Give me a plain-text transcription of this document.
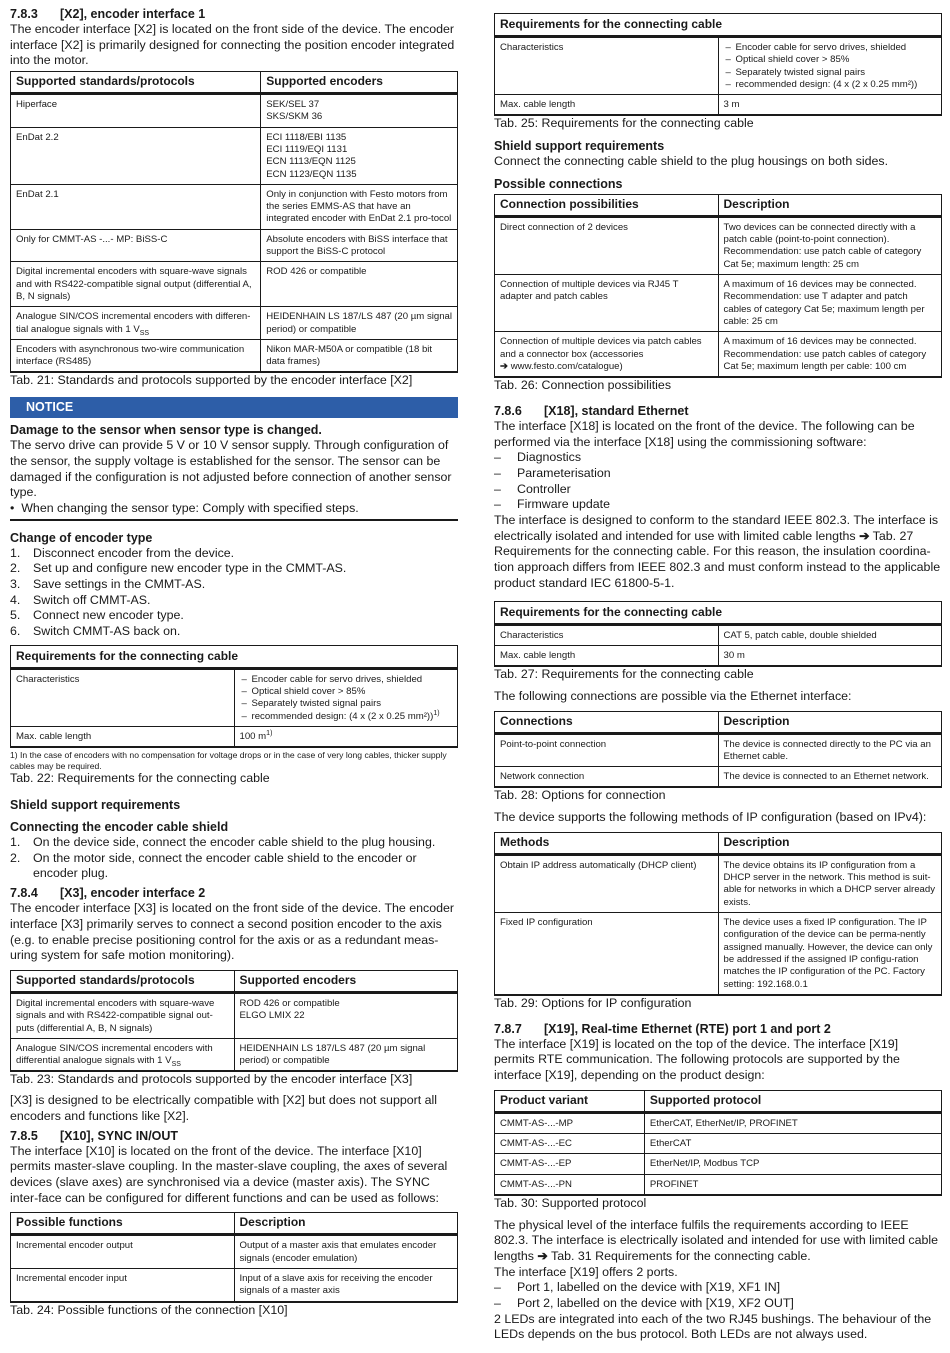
7.8.3 [X2], encoder interface 1

The encoder interface [X2] is located on the front side of the device. The encoder interface [X2] is primarily designed for connecting the position encoder integrated into the motor.

Supported standards/protocols	Supported encoders
Hiperface	SEK/SEL 37
SKS/SKM 36
EnDat 2.2	ECI 1118/EBI 1135
ECI 1119/EQI 1131
ECN 1113/EQN 1125
ECN 1123/EQN 1135
EnDat 2.1	Only in conjunction with Festo motors from the series EMMS-AS that have an integrated encoder with EnDat 2.1 pro-tocol
Only for CMMT-AS -...- MP: BiSS-C	Absolute encoders with BiSS interface that support the BiSS-C protocol
Digital incremental encoders with square-wave signals and with RS422-compatible signal output (differential A, B, N signals)	ROD 426 or compatible
Analogue SIN/COS incremental encoders with differen-tial analogue signals with 1 $V_{SS}$	HEIDENHAIN LS 187/LS 487 (20 µm signal period) or compatible
Encoders with asynchronous two-wire communication interface (RS485)	Nikon MAR-M50A or compatible (18 bit data frames)

Tab. 21: Standards and protocols supported by the encoder interface [X2]

NOTICE

Damage to the sensor when sensor type is changed.

The servo drive can provide 5 V or 10 V sensor supply. Through configuration of the sensor, the supply voltage is established for the sensor. The sensor can be damaged if the configuration is not adjusted before connection of another sensor type.

•  When changing the sensor type: Comply with specified steps.

Change of encoder type

1. Disconnect encoder from the device.

2. Set up and configure new encoder type in the CMMT-AS.

3. Save settings in the CMMT-AS.

4. Switch off CMMT-AS.

5. Connect new encoder type.

6. Switch CMMT-AS back on.

Requirements for the connecting cable
Characteristics	– Encoder cable for servo drives, shielded
– Optical shield cover > 85%
– Separately twisted signal pairs
– recommended design: (4 x (2 x 0.25 mm²))$^{1)}$

Max. cable length	100 $m^{1)}$

1) In the case of encoders with no compensation for voltage drops or in the case of very long cables, thicker supply cables may be required.

Tab. 22: Requirements for the connecting cable

Shield support requirements

Connecting the encoder cable shield

1. On the device side, connect the encoder cable shield to the plug housing.

2. On the motor side, connect the encoder cable shield to the encoder or encoder plug.

7.8.4 [X3], encoder interface 2

The encoder interface [X3] is located on the front side of the device. The encoder interface [X3] primarily serves to connect a second position encoder to the axis (e.g. to enable precise positioning control for the axis or as a redundant meas-uring system for safe motion monitoring).

Supported standards/protocols	Supported encoders
Digital incremental encoders with square-wave signals and with RS422-compatible signal out-puts (differential A, B, N signals)	ROD 426 or compatible
ELGO LMIX 22
Analogue SIN/COS incremental encoders with differential analogue signals with 1 $V_{SS}$	HEIDENHAIN LS 187/LS 487 (20 µm signal period) or compatible

Tab. 23: Standards and protocols supported by the encoder interface [X3]

[X3] is designed to be electrically compatible with [X2] but does not support all encoders and functions like [X2].

7.8.5 [X10], SYNC IN/OUT

The interface [X10] is located on the front of the device. The interface [X10] permits master-slave coupling. In the master-slave coupling, the axes of several devices (slave axes) are synchronised via a device (master axis). The SYNC inter-face can be configured for different functions and can be used as follows:

Possible functions	Description
Incremental encoder output	Output of a master axis that emulates encoder signals (encoder emulation)
Incremental encoder input	Input of a slave axis for receiving the encoder signals of a master axis

Tab. 24: Possible functions of the connection [X10]

Requirements for the connecting cable
Characteristics	– Encoder cable for servo drives, shielded
– Optical shield cover > 85%
– Separately twisted signal pairs
– recommended design: (4 x (2 x 0.25 mm²))

Max. cable length	3 m

Tab. 25: Requirements for the connecting cable

Shield support requirements

Connect the connecting cable shield to the plug housings on both sides.

Possible connections

Connection possibilities	Description
Direct connection of 2 devices	Two devices can be connected directly with a patch cable (point-to-point connection). Recommendation: use patch cable of category Cat 5e; maximum length: 25 cm
Connection of multiple devices via RJ45 T adapter and patch cables	A maximum of 16 devices may be connected. Recommendation: use T adapter and patch cables of category Cat 5e; maximum length per cable: 25 cm
Connection of multiple devices via patch cables and a connector box (accessories
➔ www.festo.com/catalogue)	A maximum of 16 devices may be connected. Recommendation: use patch cables of category Cat 5e; maximum length per cable: 100 cm

Tab. 26: Connection possibilities

7.8.6 [X18], standard Ethernet

The interface [X18] is located on the front of the device. The following can be performed via the interface [X18] using the commissioning software:

– Diagnostics

– Parameterisation

– Controller

– Firmware update

The interface is designed to conform to the standard IEEE 802.3. The interface is electrically isolated and intended for use with limited cable lengths ➔ Tab. 27 Requirements for the connecting cable. For this reason, the insulation coordina-tion approach differs from IEEE 802.3 and must conform instead to the applicable product standard IEC 61800-5-1.

Requirements for the connecting cable
Characteristics	CAT 5, patch cable, double shielded
Max. cable length	30 m

Tab. 27: Requirements for the connecting cable

The following connections are possible via the Ethernet interface:

Connections	Description
Point-to-point connection	The device is connected directly to the PC via an Ethernet cable.
Network connection	The device is connected to an Ethernet network.

Tab. 28: Options for connection

The device supports the following methods of IP configuration (based on IPv4):

Methods	Description
Obtain IP address automatically (DHCP client)	The device obtains its IP configuration from a DHCP server in the network. This method is suit-able for networks in which a DHCP server already exists.
Fixed IP configuration	The device uses a fixed IP configuration. The IP configuration of the device can be perma-nently assigned manually. However, the device can only be addressed if the assigned IP configu-ration matches the IP configuration of the PC. Factory setting: 192.168.0.1

Tab. 29: Options for IP configuration

7.8.7 [X19], Real-time Ethernet (RTE) port 1 and port 2

The interface [X19] is located on the top of the device. The interface [X19] permits RTE communication. The following protocols are supported by the interface [X19], depending on the product design:

Product variant	Supported protocol
CMMT-AS-...-MP	EtherCAT, EtherNet/IP, PROFINET
CMMT-AS-...-EC	EtherCAT
CMMT-AS-...-EP	EtherNet/IP, Modbus TCP
CMMT-AS-...-PN	PROFINET

Tab. 30: Supported protocol

The physical level of the interface fulfils the requirements according to IEEE 802.3. The interface is electrically isolated and intended for use with limited cable lengths ➔ Tab. 31 Requirements for the connecting cable.

The interface [X19] offers 2 ports.

– Port 1, labelled on the device with [X19, XF1 IN]

– Port 2, labelled on the device with [X19, XF2 OUT]

2 LEDs are integrated into each of the two RJ45 bushings. The behaviour of the LEDs depends on the bus protocol. Both LEDs are not always used.
